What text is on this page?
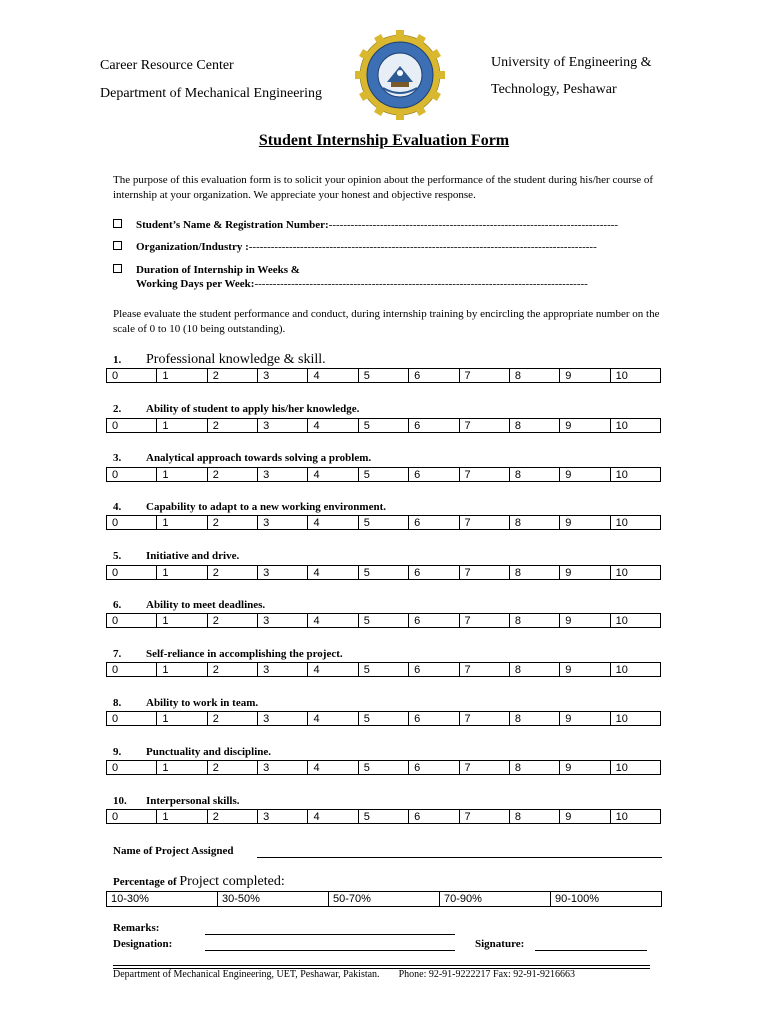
Career Resource Center
Department of Mechanical Engineering
University of Engineering &
Technology, Peshawar
Student Internship Evaluation Form
The purpose of this evaluation form is to solicit your opinion about the performance of the student during his/her course of internship at your organization. We appreciate your honest and objective response.
Student’s Name & Registration Number:-------------------------------------------------------------------------------
Organization/Industry :-----------------------------------------------------------------------------------------------
Duration of Internship in Weeks &
Working Days per Week:-------------------------------------------------------------------------------------------
Please evaluate the student performance and conduct, during internship training by encircling the appropriate number on the scale of 0 to 10 (10 being outstanding).
1. Professional knowledge & skill.
0	1	2	3	4	5	6	7	8	9	10
2. Ability of student to apply his/her knowledge.
0	1	2	3	4	5	6	7	8	9	10
3. Analytical approach towards solving a problem.
0	1	2	3	4	5	6	7	8	9	10
4. Capability to adapt to a new working environment.
0	1	2	3	4	5	6	7	8	9	10
5. Initiative and drive.
0	1	2	3	4	5	6	7	8	9	10
6. Ability to meet deadlines.
0	1	2	3	4	5	6	7	8	9	10
7. Self-reliance in accomplishing the project.
0	1	2	3	4	5	6	7	8	9	10
8. Ability to work in team.
0	1	2	3	4	5	6	7	8	9	10
9. Punctuality and discipline.
0	1	2	3	4	5	6	7	8	9	10
10. Interpersonal skills.
0	1	2	3	4	5	6	7	8	9	10
Name of Project Assigned
Percentage of Project completed:
10-30%	30-50%	50-70%	70-90%	90-100%
Remarks:
Designation:	Signature:
Department of Mechanical Engineering, UET, Peshawar, Pakistan. Phone: 92-91-9222217 Fax: 92-91-9216663
